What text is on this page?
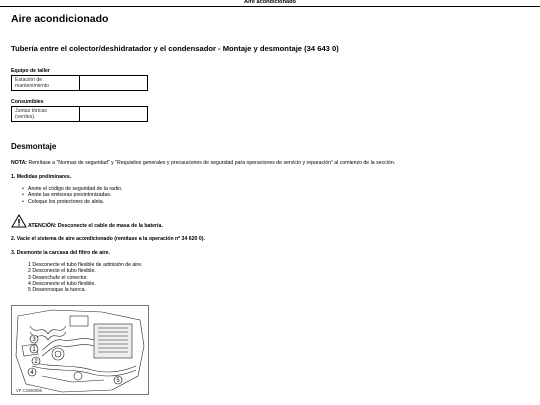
Aire acondicionado
Aire acondicionado
Tubería entre el colector/deshidratador y el condensador - Montaje y desmontaje (34 643 0)
Equipo de taller
Estación de
mantenimiento

Consumibles
Juntas tóricas
(verdes).

Desmontaje
NOTA: Remítase a "Normas de seguridad" y "Requisitos generales y precauciones de seguridad para operaciones de servicio y reparación" al comienzo de la sección.
1. Medidas preliminares.
• Anote el código de seguridad de la radio.
• Anote las emisoras presintonizadas.
• Coloque los protectores de aleta.
ATENCIÓN: Desconecte el cable de masa de la batería.
2. Vacíe el sistema de aire acondicionado (remítase a la operación nº 34 620 0).
3. Desmonte la carcasa del filtro de aire.
1 Desconecte el tubo flexible de admisión de aire.
2 Desconecte el tubo flexible.
3 Desenchufe el conector.
4 Desconecte el tubo flexible.
5 Desenrosque la tuerca.
1
2
3
4
5
VF C3460006
